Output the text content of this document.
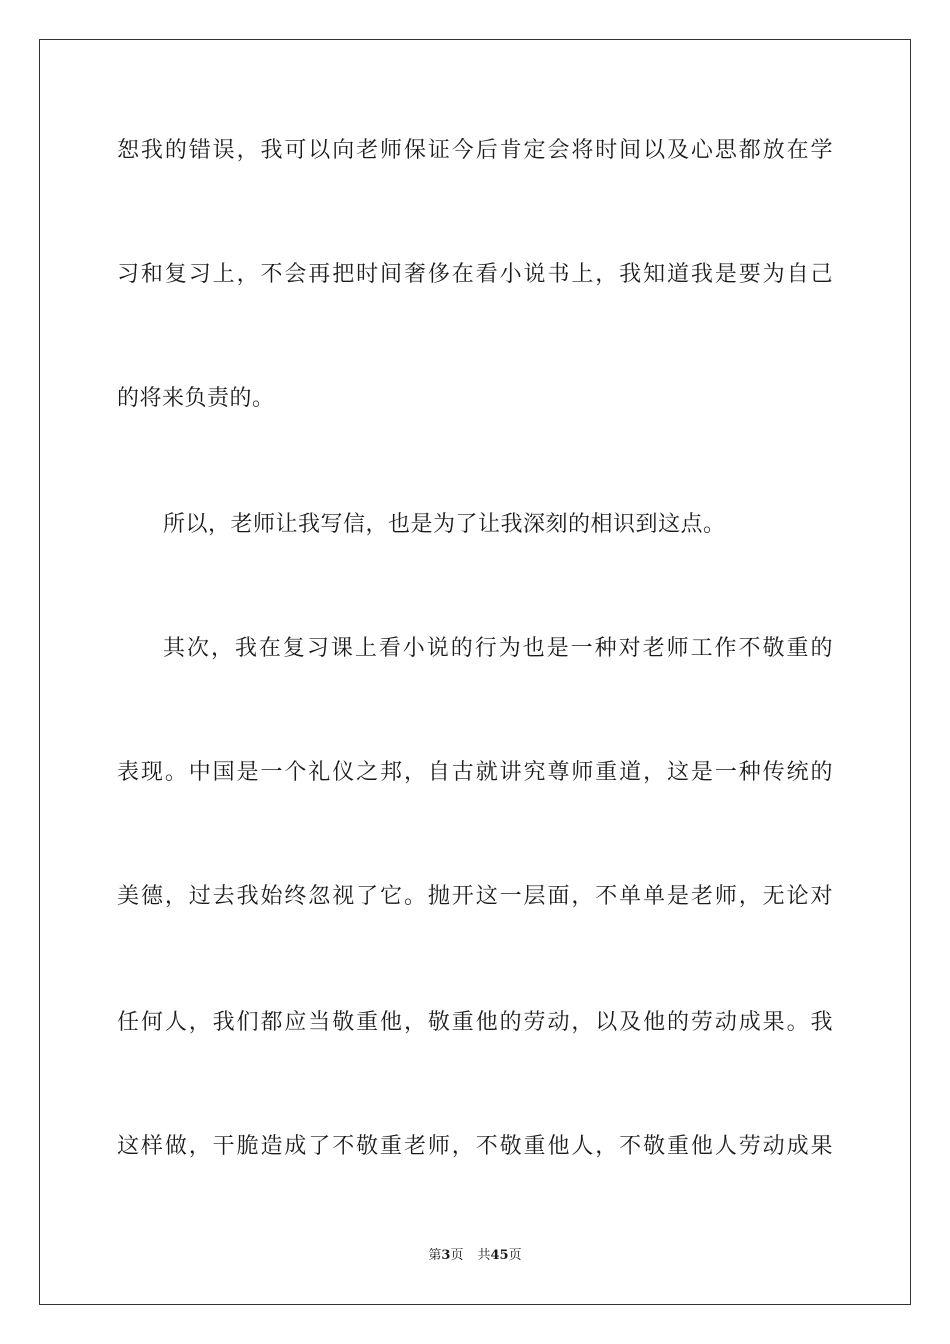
恕我的错误，我可以向老师保证今后肯定会将时间以及心思都放在学
习和复习上，不会再把时间奢侈在看小说书上，我知道我是要为自己
的将来负责的。
所以，老师让我写信，也是为了让我深刻的相识到这点。
其次，我在复习课上看小说的行为也是一种对老师工作不敬重的
表现。中国是一个礼仪之邦，自古就讲究尊师重道，这是一种传统的
美德，过去我始终忽视了它。抛开这一层面，不单单是老师，无论对
任何人，我们都应当敬重他，敬重他的劳动，以及他的劳动成果。我
这样做，干脆造成了不敬重老师，不敬重他人，不敬重他人劳动成果
第3页 共45页
